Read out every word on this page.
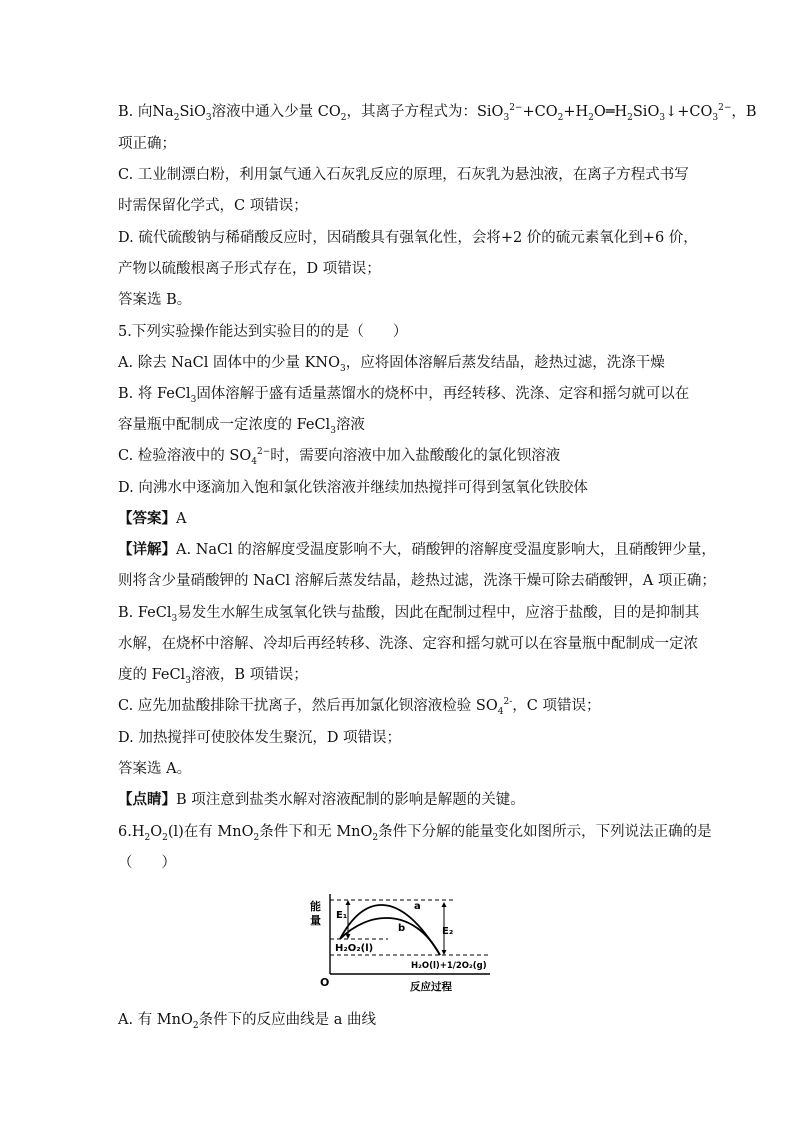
B. 向$Na_2SiO_3$溶液中通入少量 $CO_2$，其离子方程式为：$SiO_3^{2-}+CO_2+H_2O═H_2SiO_3↓+CO_3^{2-}$，B
项正确；
C. 工业制漂白粉，利用氯气通入石灰乳反应的原理，石灰乳为悬浊液，在离子方程式书写
时需保留化学式，C 项错误；
D. 硫代硫酸钠与稀硝酸反应时，因硝酸具有强氧化性，会将+2 价的硫元素氧化到+6 价，
产物以硫酸根离子形式存在，D 项错误；
答案选 B。
5.下列实验操作能达到实验目的的是（　　）
A. 除去 NaCl 固体中的少量 $KNO_3$，应将固体溶解后蒸发结晶，趁热过滤，洗涤干燥
B. 将 FeCl$_3$固体溶解于盛有适量蒸馏水的烧杯中，再经转移、洗涤、定容和摇匀就可以在
容量瓶中配制成一定浓度的 FeCl$_3$溶液
C. 检验溶液中的 $SO_4^{2-}$时，需要向溶液中加入盐酸酸化的氯化钡溶液
D. 向沸水中逐滴加入饱和氯化铁溶液并继续加热搅拌可得到氢氧化铁胶体
【答案】A
【详解】A. NaCl 的溶解度受温度影响不大，硝酸钾的溶解度受温度影响大，且硝酸钾少量，
则将含少量硝酸钾的 NaCl 溶解后蒸发结晶，趁热过滤，洗涤干燥可除去硝酸钾，A 项正确；
B. FeCl$_3$易发生水解生成氢氧化铁与盐酸，因此在配制过程中，应溶于盐酸，目的是抑制其
水解，在烧杯中溶解、冷却后再经转移、洗涤、定容和摇匀就可以在容量瓶中配制成一定浓
度的 FeCl$_3$溶液，B 项错误；
C. 应先加盐酸排除干扰离子，然后再加氯化钡溶液检验 $SO_4^{2-}$，C 项错误；
D. 加热搅拌可使胶体发生聚沉，D 项错误；
答案选 A。
【点睛】B 项注意到盐类水解对溶液配制的影响是解题的关键。
$6.H_2O_2(l)$在有 MnO$_2$条件下和无 MnO$_2$条件下分解的能量变化如图所示，下列说法正确的是
（　　）
能
量
O	反应过程
H₂O₂(l)
H₂O(l)+1/2O₂(g)
a
b
E₁
E₂
A. 有 MnO$_2$条件下的反应曲线是 a 曲线
